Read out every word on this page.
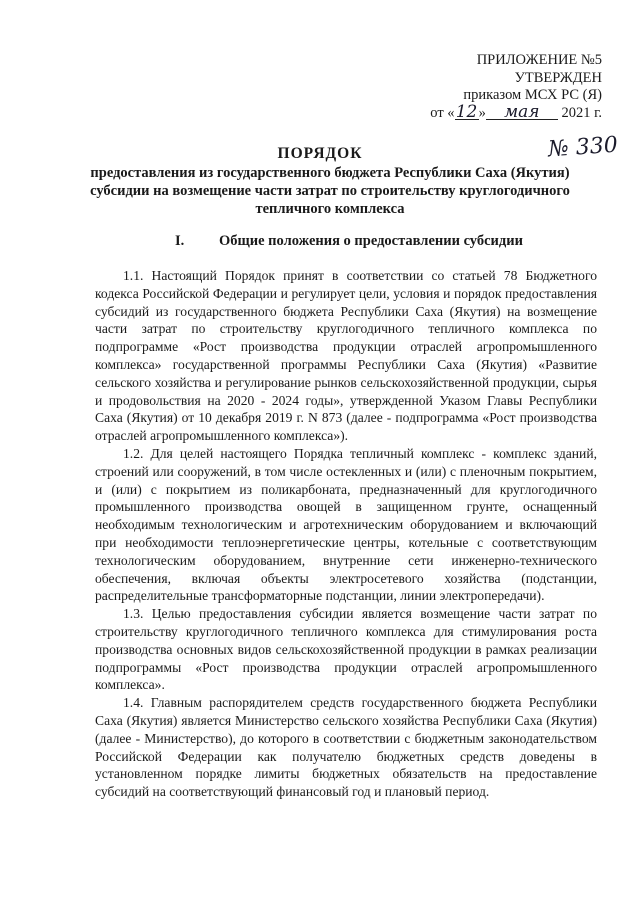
ПРИЛОЖЕНИЕ №5
УТВЕРЖДЕН
приказом МСХ РС (Я)
от «12» мая 2021 г.
№ 330
ПОРЯДОК
предоставления из государственного бюджета Республики Саха (Якутия) субсидии на возмещение части затрат по строительству круглогодичного тепличного комплекса
I. Общие положения о предоставлении субсидии

1.1. Настоящий Порядок принят в соответствии со статьей 78 Бюджетного кодекса Российской Федерации и регулирует цели, условия и порядок предоставления субсидий из государственного бюджета Республики Саха (Якутия) на возмещение части затрат по строительству круглогодичного тепличного комплекса по подпрограмме «Рост производства продукции отраслей агропромышленного комплекса» государственной программы Республики Саха (Якутия) «Развитие сельского хозяйства и регулирование рынков сельскохозяйственной продукции, сырья и продовольствия на 2020 - 2024 годы», утвержденной Указом Главы Республики Саха (Якутия) от 10 декабря 2019 г. N 873 (далее - подпрограмма «Рост производства отраслей агропромышленного комплекса»).

1.2. Для целей настоящего Порядка тепличный комплекс - комплекс зданий, строений или сооружений, в том числе остекленных и (или) с пленочным покрытием, и (или) с покрытием из поликарбоната, предназначенный для круглогодичного промышленного производства овощей в защищенном грунте, оснащенный необходимым технологическим и агротехническим оборудованием и включающий при необходимости теплоэнергетические центры, котельные с соответствующим технологическим оборудованием, внутренние сети инженерно-технического обеспечения, включая объекты электросетевого хозяйства (подстанции, распределительные трансформаторные подстанции, линии электропередачи).

1.3. Целью предоставления субсидии является возмещение части затрат по строительству круглогодичного тепличного комплекса для стимулирования роста производства основных видов сельскохозяйственной продукции в рамках реализации подпрограммы «Рост производства продукции отраслей агропромышленного комплекса».

1.4. Главным распорядителем средств государственного бюджета Республики Саха (Якутия) является Министерство сельского хозяйства Республики Саха (Якутия) (далее - Министерство), до которого в соответствии с бюджетным законодательством Российской Федерации как получателю бюджетных средств доведены в установленном порядке лимиты бюджетных обязательств на предоставление субсидий на соответствующий финансовый год и плановый период.
